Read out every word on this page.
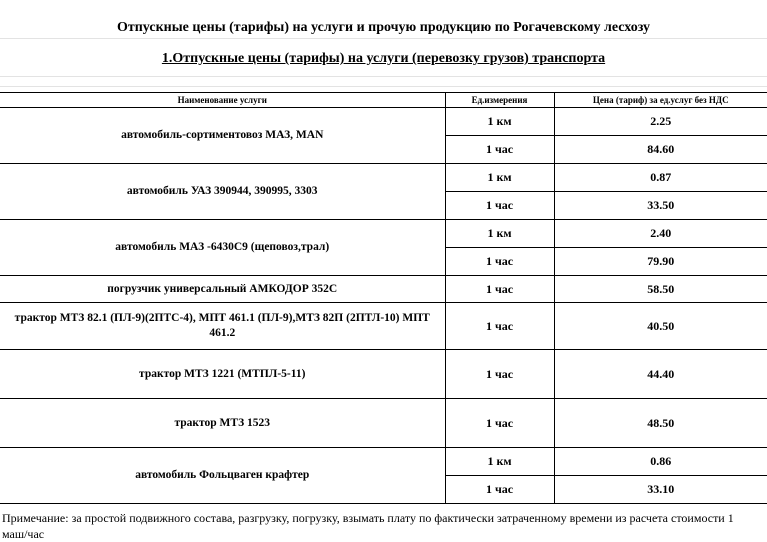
Отпускные цены (тарифы) на услуги и прочую продукцию по Рогачевскому лесхозу
1.Отпускные цены (тарифы) на услуги (перевозку грузов) транспорта
Наименование услуги	Ед.измерения	Цена (тариф) за ед.услуг без НДС
автомобиль-сортиментовоз МАЗ, MAN	1 км	2.25
	1 час	84.60
автомобиль УАЗ 390944, 390995, 3303	1 км	0.87
	1 час	33.50
автомобиль МАЗ -6430С9 (щеповоз,трал)	1 км	2.40
	1 час	79.90
погрузчик универсальный АМКОДОР 352С	1 час	58.50
трактор МТЗ 82.1 (ПЛ-9)(2ПТС-4), МПТ 461.1 (ПЛ-9),МТЗ 82П (2ПТЛ-10) МПТ 461.2	1 час	40.50
трактор МТЗ 1221 (МТПЛ-5-11)	1 час	44.40
трактор МТЗ 1523	1 час	48.50
автомобиль Фольцваген крафтер	1 км	0.86
	1 час	33.10
Примечание: за простой подвижного состава, разгрузку, погрузку, взымать плату по фактически затраченному времени из расчета стоимости 1 маш/час
